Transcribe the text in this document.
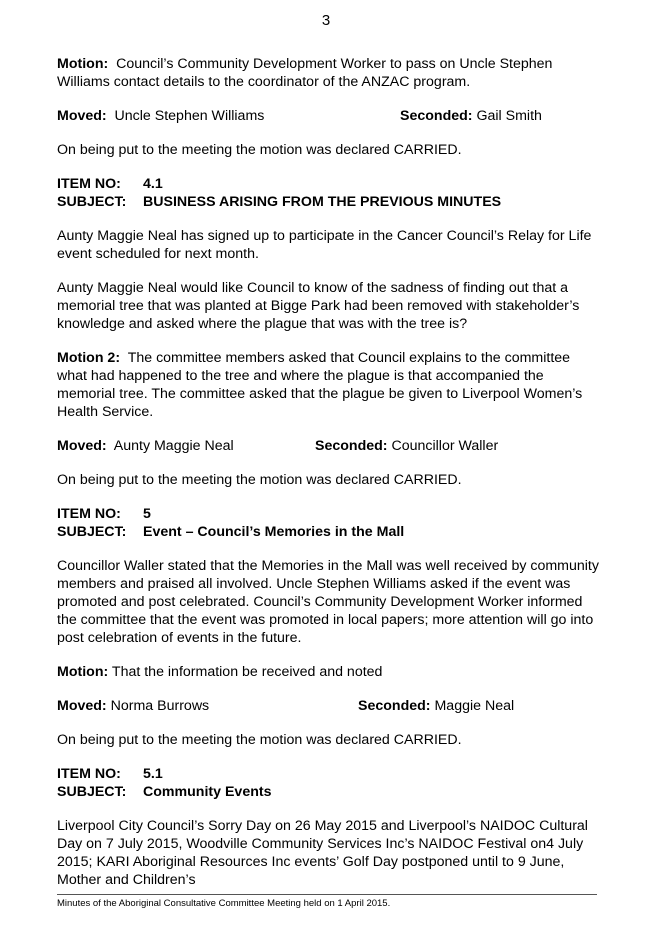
3

Motion: Council’s Community Development Worker to pass on Uncle Stephen Williams contact details to the coordinator of the ANZAC program.

Moved: Uncle Stephen Williams	Seconded: Gail Smith

On being put to the meeting the motion was declared CARRIED.

ITEM NO:	4.1
SUBJECT:	BUSINESS ARISING FROM THE PREVIOUS MINUTES

Aunty Maggie Neal has signed up to participate in the Cancer Council’s Relay for Life event scheduled for next month.

Aunty Maggie Neal would like Council to know of the sadness of finding out that a memorial tree that was planted at Bigge Park had been removed with stakeholder’s knowledge and asked where the plague that was with the tree is?

Motion 2: The committee members asked that Council explains to the committee what had happened to the tree and where the plague is that accompanied the memorial tree. The committee asked that the plague be given to Liverpool Women’s Health Service.

Moved: Aunty Maggie Neal	Seconded: Councillor Waller

On being put to the meeting the motion was declared CARRIED.

ITEM NO:	5
SUBJECT:	Event – Council’s Memories in the Mall

Councillor Waller stated that the Memories in the Mall was well received by community members and praised all involved. Uncle Stephen Williams asked if the event was promoted and post celebrated. Council’s Community Development Worker informed the committee that the event was promoted in local papers; more attention will go into post celebration of events in the future.

Motion: That the information be received and noted

Moved: Norma Burrows	Seconded: Maggie Neal

On being put to the meeting the motion was declared CARRIED.

ITEM NO:	5.1
SUBJECT:	Community Events

Liverpool City Council’s Sorry Day on 26 May 2015 and Liverpool’s NAIDOC Cultural Day on 7 July 2015, Woodville Community Services Inc’s NAIDOC Festival on4 July 2015; KARI Aboriginal Resources Inc events’ Golf Day postponed until to 9 June, Mother and Children’s

Minutes of the Aboriginal Consultative Committee Meeting held on 1 April 2015.
